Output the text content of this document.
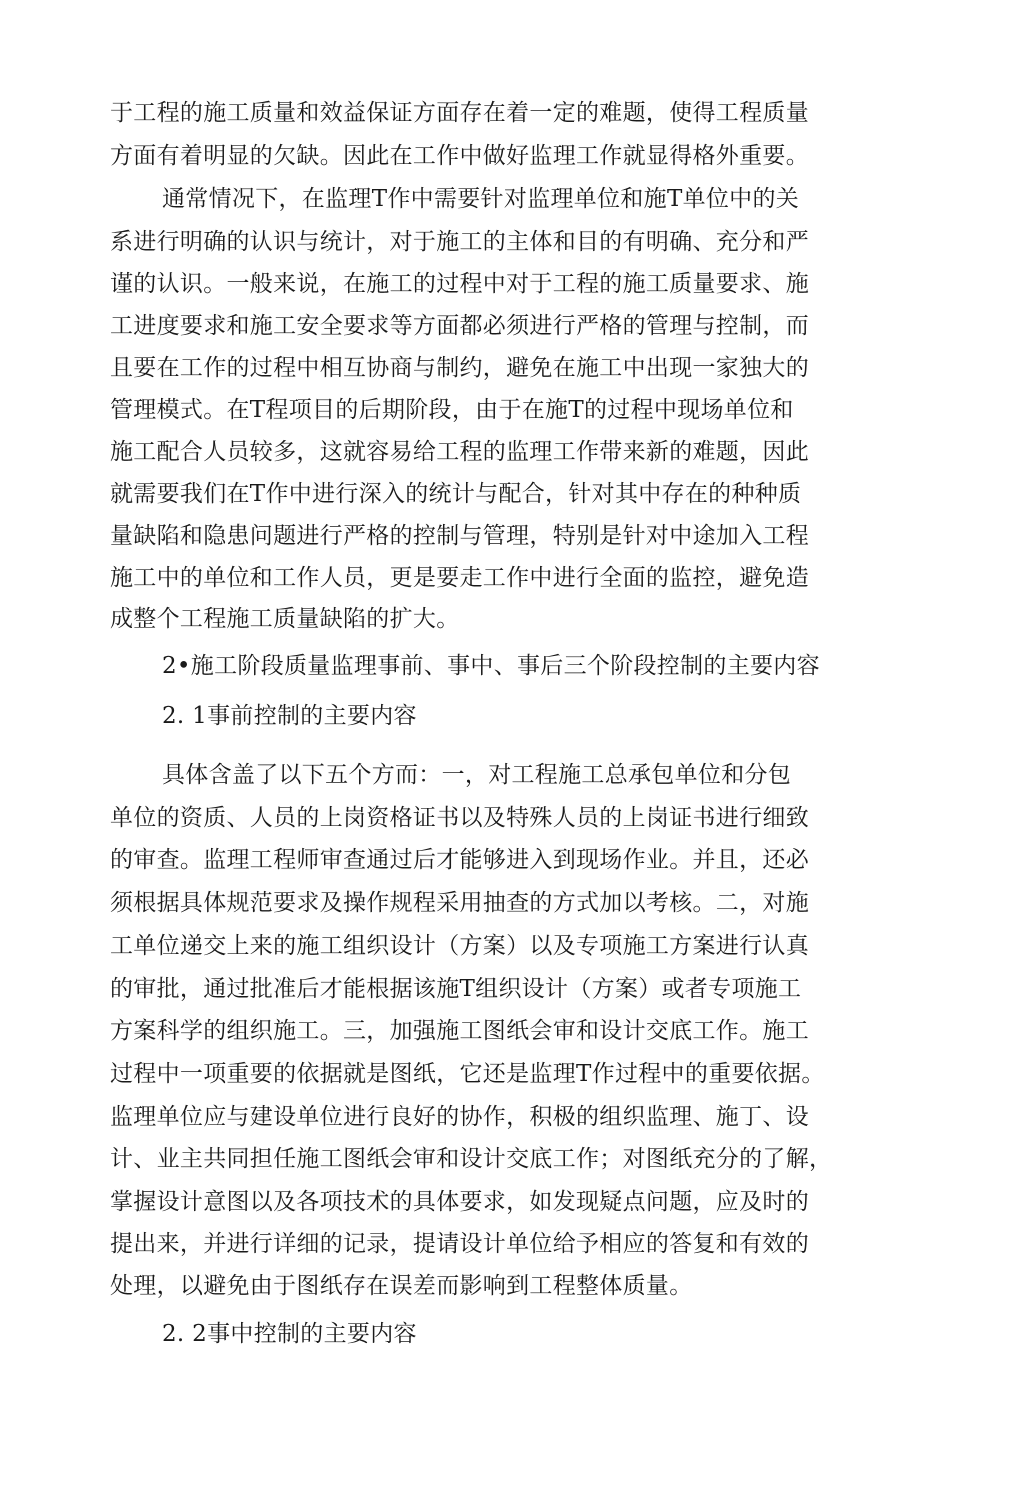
于工程的施工质量和效益保证方面存在着一定的难题，使得工程质量
方面有着明显的欠缺。因此在工作中做好监理工作就显得格外重要。
通常情况下，在监理T作中需要针对监理单位和施T单位中的关
系进行明确的认识与统计，对于施工的主体和目的有明确、充分和严
谨的认识。一般来说，在施工的过程中对于工程的施工质量要求、施
工进度要求和施工安全要求等方面都必须进行严格的管理与控制，而
且要在工作的过程中相互协商与制约，避免在施工中出现一家独大的
管理模式。在T程项目的后期阶段，由于在施T的过程中现场单位和
施工配合人员较多，这就容易给工程的监理工作带来新的难题，因此
就需要我们在T作中进行深入的统计与配合，针对其中存在的种种质
量缺陷和隐患问题进行严格的控制与管理，特别是针对中途加入工程
施工中的单位和工作人员，更是要走工作中进行全面的监控，避免造
成整个工程施工质量缺陷的扩大。
2•施工阶段质量监理事前、事中、事后三个阶段控制的主要内容
2. 1事前控制的主要内容
具体含盖了以下五个方而：一，对工程施工总承包单位和分包
单位的资质、人员的上岗资格证书以及特殊人员的上岗证书进行细致
的审查。监理工程师审查通过后才能够进入到现场作业。并且，还必
须根据具体规范要求及操作规程采用抽查的方式加以考核。二，对施
工单位递交上来的施工组织设计（方案）以及专项施工方案进行认真
的审批，通过批准后才能根据该施T组织设计（方案）或者专项施工
方案科学的组织施工。三，加强施工图纸会审和设计交底工作。施工
过程中一项重要的依据就是图纸，它还是监理T作过程中的重要依据。
监理单位应与建设单位进行良好的协作，积极的组织监理、施丁、设
计、业主共同担任施工图纸会审和设计交底工作；对图纸充分的了解，
掌握设计意图以及各项技术的具体要求，如发现疑点问题，应及时的
提出来，并进行详细的记录，提请设计单位给予相应的答复和有效的
处理，以避免由于图纸存在误差而影响到工程整体质量。
2. 2事中控制的主要内容
